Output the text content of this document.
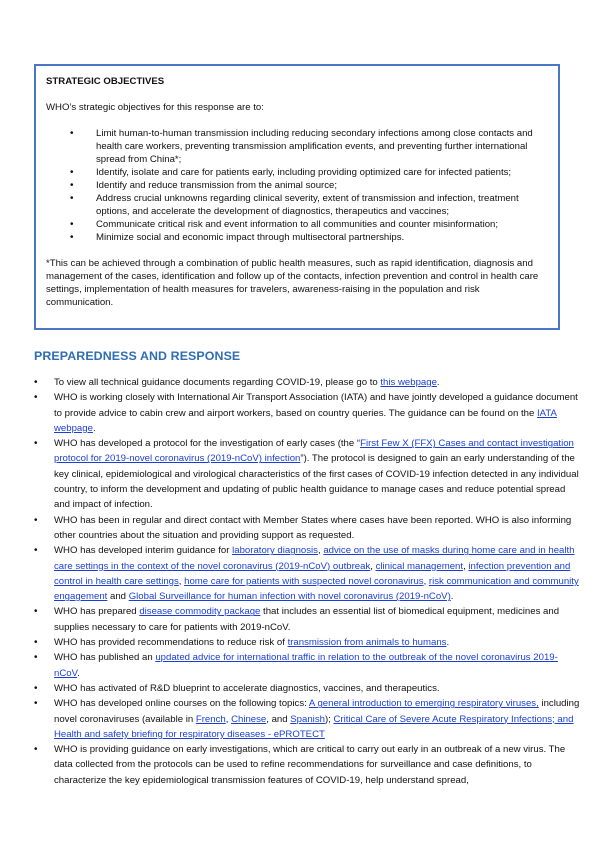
STRATEGIC OBJECTIVES
WHO’s strategic objectives for this response are to:
• Limit human-to-human transmission including reducing secondary infections among close contacts and health care workers, preventing transmission amplification events, and preventing further international spread from China*;
• Identify, isolate and care for patients early, including providing optimized care for infected patients;
• Identify and reduce transmission from the animal source;
• Address crucial unknowns regarding clinical severity, extent of transmission and infection, treatment options, and accelerate the development of diagnostics, therapeutics and vaccines;
• Communicate critical risk and event information to all communities and counter misinformation;
• Minimize social and economic impact through multisectoral partnerships.
*This can be achieved through a combination of public health measures, such as rapid identification, diagnosis and management of the cases, identification and follow up of the contacts, infection prevention and control in health care settings, implementation of health measures for travelers, awareness-raising in the population and risk communication.
PREPAREDNESS AND RESPONSE
• To view all technical guidance documents regarding COVID-19, please go to this webpage.
• WHO is working closely with International Air Transport Association (IATA) and have jointly developed a guidance document to provide advice to cabin crew and airport workers, based on country queries. The guidance can be found on the IATA webpage.
• WHO has developed a protocol for the investigation of early cases (the “First Few X (FFX) Cases and contact investigation protocol for 2019-novel coronavirus (2019-nCoV) infection”). The protocol is designed to gain an early understanding of the key clinical, epidemiological and virological characteristics of the first cases of COVID-19 infection detected in any individual country, to inform the development and updating of public health guidance to manage cases and reduce potential spread and impact of infection.
• WHO has been in regular and direct contact with Member States where cases have been reported. WHO is also informing other countries about the situation and providing support as requested.
• WHO has developed interim guidance for laboratory diagnosis, advice on the use of masks during home care and in health care settings in the context of the novel coronavirus (2019-nCoV) outbreak, clinical management, infection prevention and control in health care settings, home care for patients with suspected novel coronavirus, risk communication and community engagement and Global Surveillance for human infection with novel coronavirus (2019-nCoV).
• WHO has prepared disease commodity package that includes an essential list of biomedical equipment, medicines and supplies necessary to care for patients with 2019-nCoV.
• WHO has provided recommendations to reduce risk of transmission from animals to humans.
• WHO has published an updated advice for international traffic in relation to the outbreak of the novel coronavirus 2019-nCoV.
• WHO has activated of R&D blueprint to accelerate diagnostics, vaccines, and therapeutics.
• WHO has developed online courses on the following topics: A general introduction to emerging respiratory viruses, including novel coronaviruses (available in French, Chinese, and Spanish); Critical Care of Severe Acute Respiratory Infections; and Health and safety briefing for respiratory diseases - ePROTECT
• WHO is providing guidance on early investigations, which are critical to carry out early in an outbreak of a new virus. The data collected from the protocols can be used to refine recommendations for surveillance and case definitions, to characterize the key epidemiological transmission features of COVID-19, help understand spread,
